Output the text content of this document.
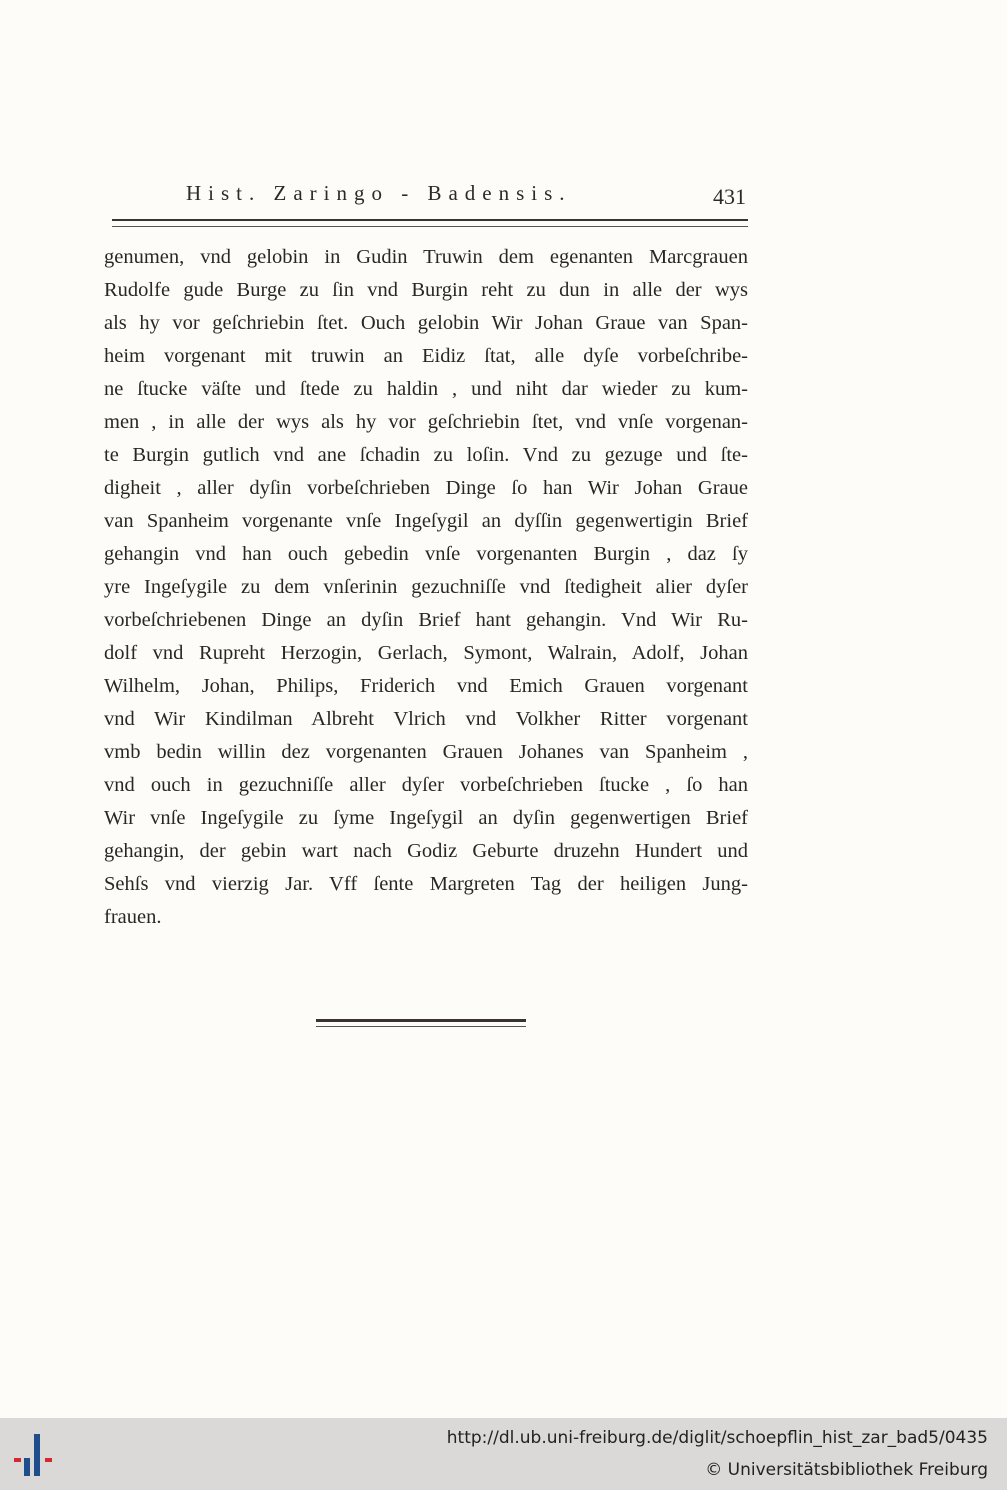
Hist. Zaringo - Badensis.	431
genumen, vnd gelobin in Gudin Truwin dem egenanten Marcgrauen
Rudolfe gude Burge zu ſin vnd Burgin reht zu dun in alle der wys
als hy vor geſchriebin ſtet. Ouch gelobin Wir Johan Graue van Span-
heim vorgenant mit truwin an Eidiz ſtat, alle dyſe vorbeſchribe-
ne ſtucke väſte und ſtede zu haldin , und niht dar wieder zu kum-
men , in alle der wys als hy vor geſchriebin ſtet, vnd vnſe vorgenan-
te Burgin gutlich vnd ane ſchadin zu loſin. Vnd zu gezuge und ſte-
digheit , aller dyſin vorbeſchrieben Dinge ſo han Wir Johan Graue
van Spanheim vorgenante vnſe Ingeſygil an dyſſin gegenwertigin Brief
gehangin vnd han ouch gebedin vnſe vorgenanten Burgin , daz ſy
yre Ingeſygile zu dem vnſerinin gezuchniſſe vnd ſtedigheit alier dyſer
vorbeſchriebenen Dinge an dyſin Brief hant gehangin. Vnd Wir Ru-
dolf vnd Rupreht Herzogin, Gerlach, Symont, Walrain, Adolf, Johan
Wilhelm, Johan, Philips, Friderich vnd Emich Grauen vorgenant
vnd Wir Kindilman Albreht Vlrich vnd Volkher Ritter vorgenant
vmb bedin willin dez vorgenanten Grauen Johanes van Spanheim ,
vnd ouch in gezuchniſſe aller dyſer vorbeſchrieben ſtucke , ſo han
Wir vnſe Ingeſygile zu ſyme Ingeſygil an dyſin gegenwertigen Brief
gehangin, der gebin wart nach Godiz Geburte druzehn Hundert und
Sehſs vnd vierzig Jar. Vff ſente Margreten Tag der heiligen Jung-
frauen.
http://dl.ub.uni-freiburg.de/diglit/schoepflin_hist_zar_bad5/0435
© Universitätsbibliothek Freiburg
